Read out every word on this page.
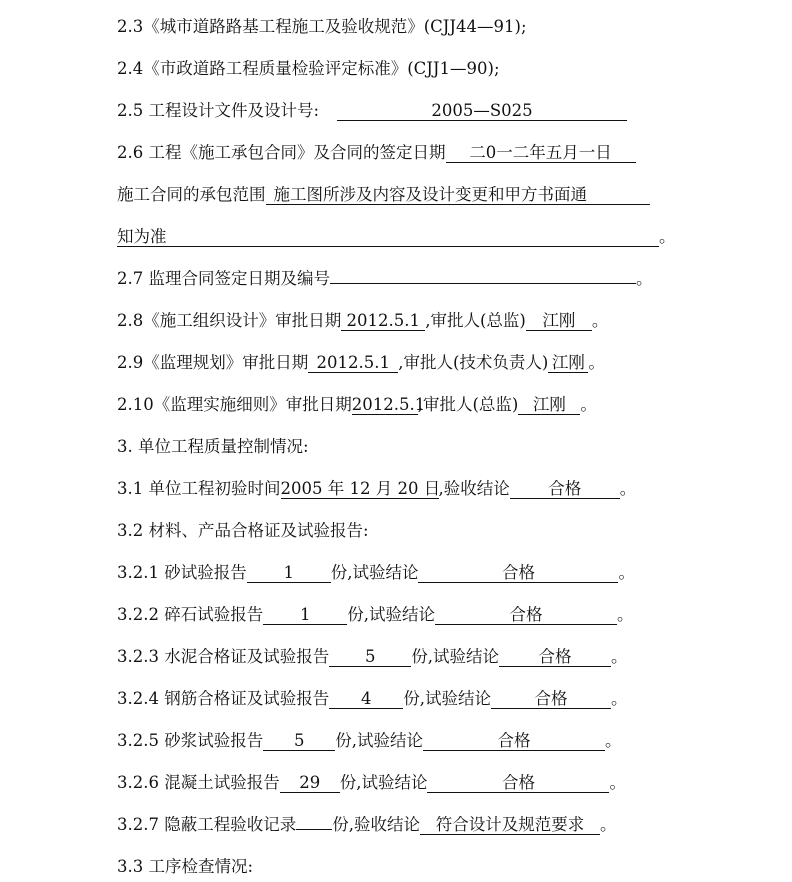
2.3《城市道路路基工程施工及验收规范》(CJJ44—91);
2.4《市政道路工程质量检验评定标准》(CJJ1—90);
2.5 工程设计文件及设计号:	2005—S025
2.6 工程《施工承包合同》及合同的签定日期 二0一二年五月一日
施工合同的承包范围 施工图所涉及内容及设计变更和甲方书面通
知为准	。
2.7 监理合同签定日期及编号	。
2.8《施工组织设计》审批日期 2012.5.1 ,审批人(总监) 江刚 。
2.9《监理规划》审批日期 2012.5.1 ,审批人(技术负责人) 江刚 。
2.10《监理实施细则》审批日期2012.5.1,审批人(总监) 江刚 。
3. 单位工程质量控制情况:
3.1 单位工程初验时间2005 年 12 月 20 日,验收结论 合格 。
3.2 材料、产品合格证及试验报告:
3.2.1 砂试验报告 1 份,试验结论	合格	。
3.2.2 碎石试验报告 1 份,试验结论	合格	。
3.2.3 水泥合格证及试验报告 5 份,试验结论 合格 。
3.2.4 钢筋合格证及试验报告 4 份,试验结论	合格	。
3.2.5 砂浆试验报告 5 份,试验结论	合格	。
3.2.6 混凝土试验报告 29 份,试验结论	合格	。
3.2.7 隐蔽工程验收记录 份,验收结论 符合设计及规范要求 。
3.3 工序检查情况:
